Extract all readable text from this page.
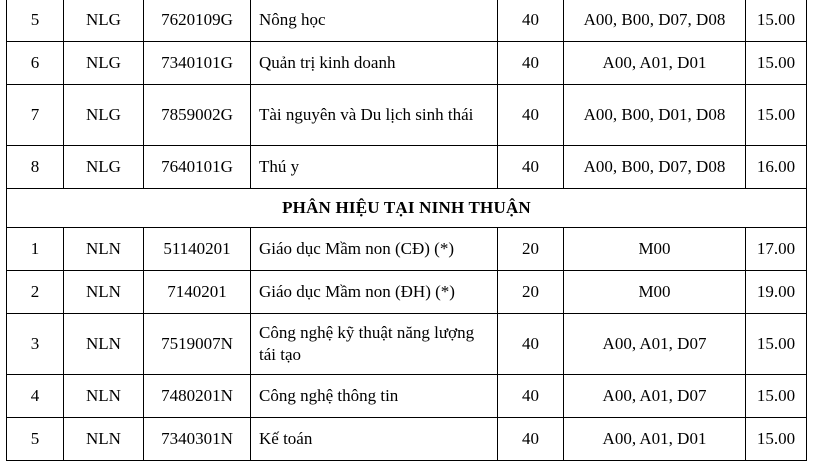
5	NLG	7620109G	Nông học	40	A00, B00, D07, D08	15.00
6	NLG	7340101G	Quản trị kinh doanh	40	A00, A01, D01	15.00
7	NLG	7859002G	Tài nguyên và Du lịch sinh thái	40	A00, B00, D01, D08	15.00
8	NLG	7640101G	Thú y	40	A00, B00, D07, D08	16.00
PHÂN HIỆU TẠI NINH THUẬN						
1	NLN	51140201	Giáo dục Mầm non (CĐ) (*)	20	M00	17.00
2	NLN	7140201	Giáo dục Mầm non (ĐH) (*)	20	M00	19.00
3	NLN	7519007N	Công nghệ kỹ thuật năng lượng tái tạo	40	A00, A01, D07	15.00
4	NLN	7480201N	Công nghệ thông tin	40	A00, A01, D07	15.00
5	NLN	7340301N	Kế toán	40	A00, A01, D01	15.00
